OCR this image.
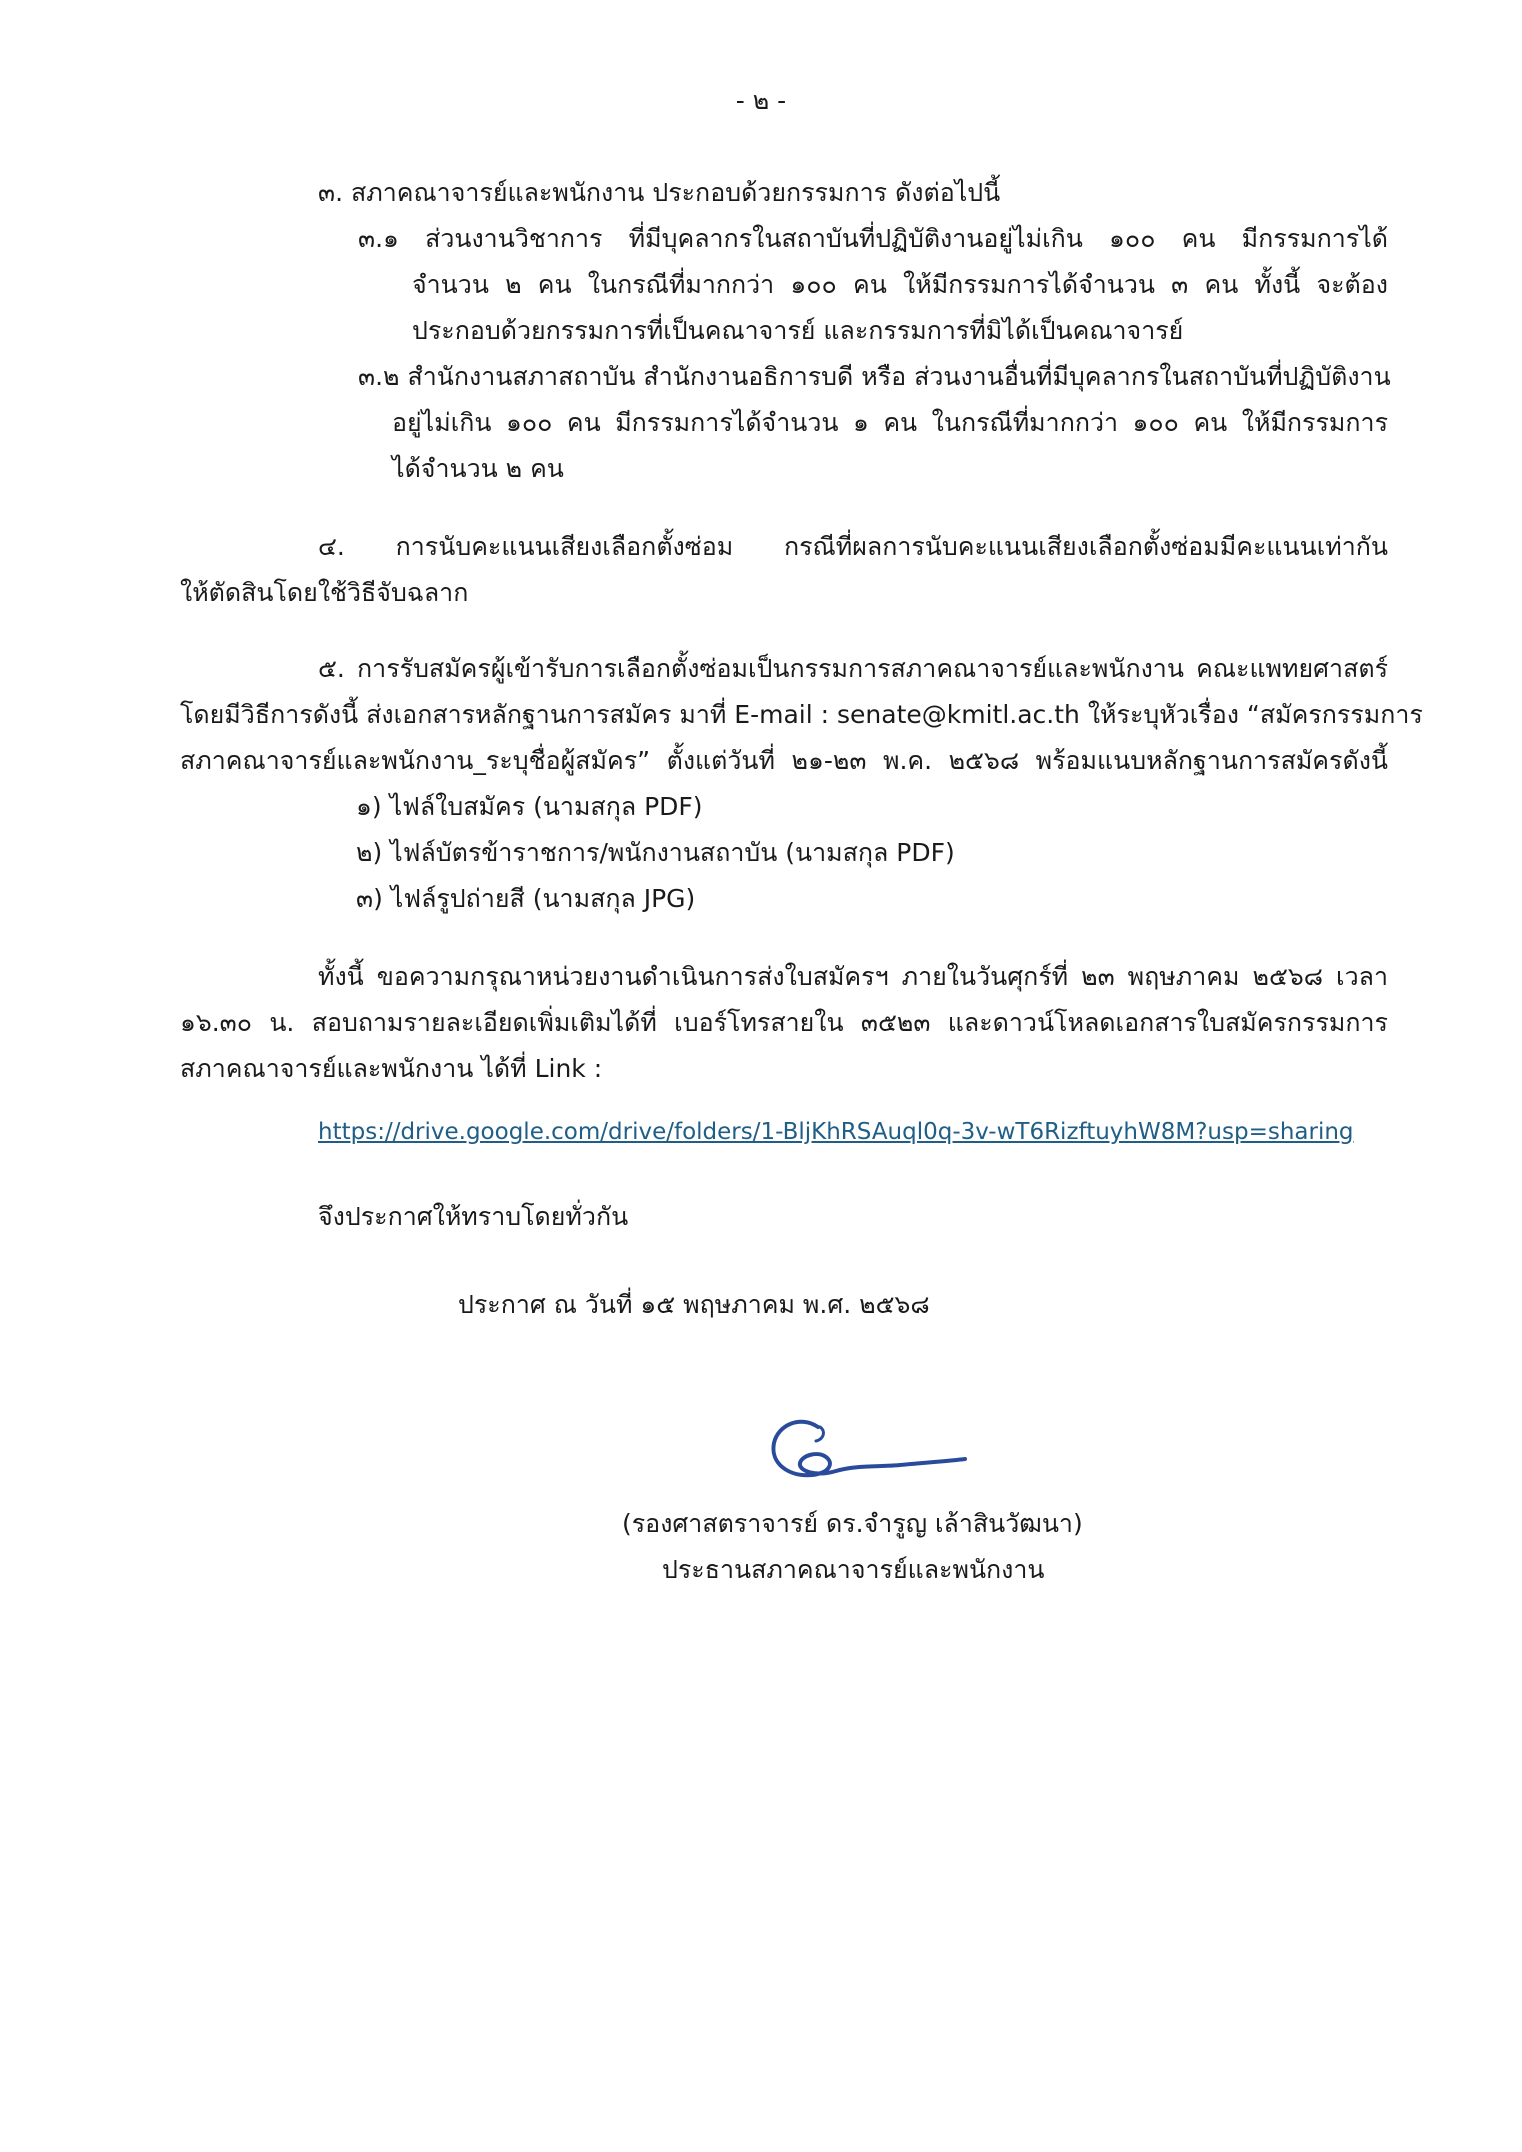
- ๒ -
๓. สภาคณาจารย์และพนักงาน ประกอบด้วยกรรมการ ดังต่อไปนี้
๓.๑ ส่วนงานวิชาการ ที่มีบุคลากรในสถาบันที่ปฏิบัติงานอยู่ไม่เกิน ๑๐๐ คน มีกรรมการได้
จำนวน ๒ คน ในกรณีที่มากกว่า ๑๐๐ คน ให้มีกรรมการได้จำนวน ๓ คน ทั้งนี้ จะต้อง
ประกอบด้วยกรรมการที่เป็นคณาจารย์ และกรรมการที่มิได้เป็นคณาจารย์
๓.๒ สำนักงานสภาสถาบัน สำนักงานอธิการบดี หรือ ส่วนงานอื่นที่มีบุคลากรในสถาบันที่ปฏิบัติงาน
อยู่ไม่เกิน ๑๐๐ คน มีกรรมการได้จำนวน ๑ คน ในกรณีที่มากกว่า ๑๐๐ คน ให้มีกรรมการ
ได้จำนวน ๒ คน
๔. การนับคะแนนเสียงเลือกตั้งซ่อม กรณีที่ผลการนับคะแนนเสียงเลือกตั้งซ่อมมีคะแนนเท่ากัน
ให้ตัดสินโดยใช้วิธีจับฉลาก
๕. การรับสมัครผู้เข้ารับการเลือกตั้งซ่อมเป็นกรรมการสภาคณาจารย์และพนักงาน คณะแพทยศาสตร์
โดยมีวิธีการดังนี้ ส่งเอกสารหลักฐานการสมัคร มาที่ E-mail : senate@kmitl.ac.th ให้ระบุหัวเรื่อง “สมัครกรรมการ
สภาคณาจารย์และพนักงาน_ระบุชื่อผู้สมัคร” ตั้งแต่วันที่ ๒๑-๒๓ พ.ค. ๒๕๖๘ พร้อมแนบหลักฐานการสมัครดังนี้
๑) ไฟล์ใบสมัคร (นามสกุล PDF)
๒) ไฟล์บัตรข้าราชการ/พนักงานสถาบัน (นามสกุล PDF)
๓) ไฟล์รูปถ่ายสี (นามสกุล JPG)
ทั้งนี้ ขอความกรุณาหน่วยงานดำเนินการส่งใบสมัครฯ ภายในวันศุกร์ที่ ๒๓ พฤษภาคม ๒๕๖๘ เวลา
๑๖.๓๐ น. สอบถามรายละเอียดเพิ่มเติมได้ที่ เบอร์โทรสายใน ๓๕๒๓ และดาวน์โหลดเอกสารใบสมัครกรรมการ
สภาคณาจารย์และพนักงาน ได้ที่ Link :
https://drive.google.com/drive/folders/1-BljKhRSAuql0q-3v-wT6RizftuyhW8M?usp=sharing
จึงประกาศให้ทราบโดยทั่วกัน
ประกาศ ณ วันที่ ๑๕ พฤษภาคม พ.ศ. ๒๕๖๘
(รองศาสตราจารย์ ดร.จำรูญ เล้าสินวัฒนา)
ประธานสภาคณาจารย์และพนักงาน
